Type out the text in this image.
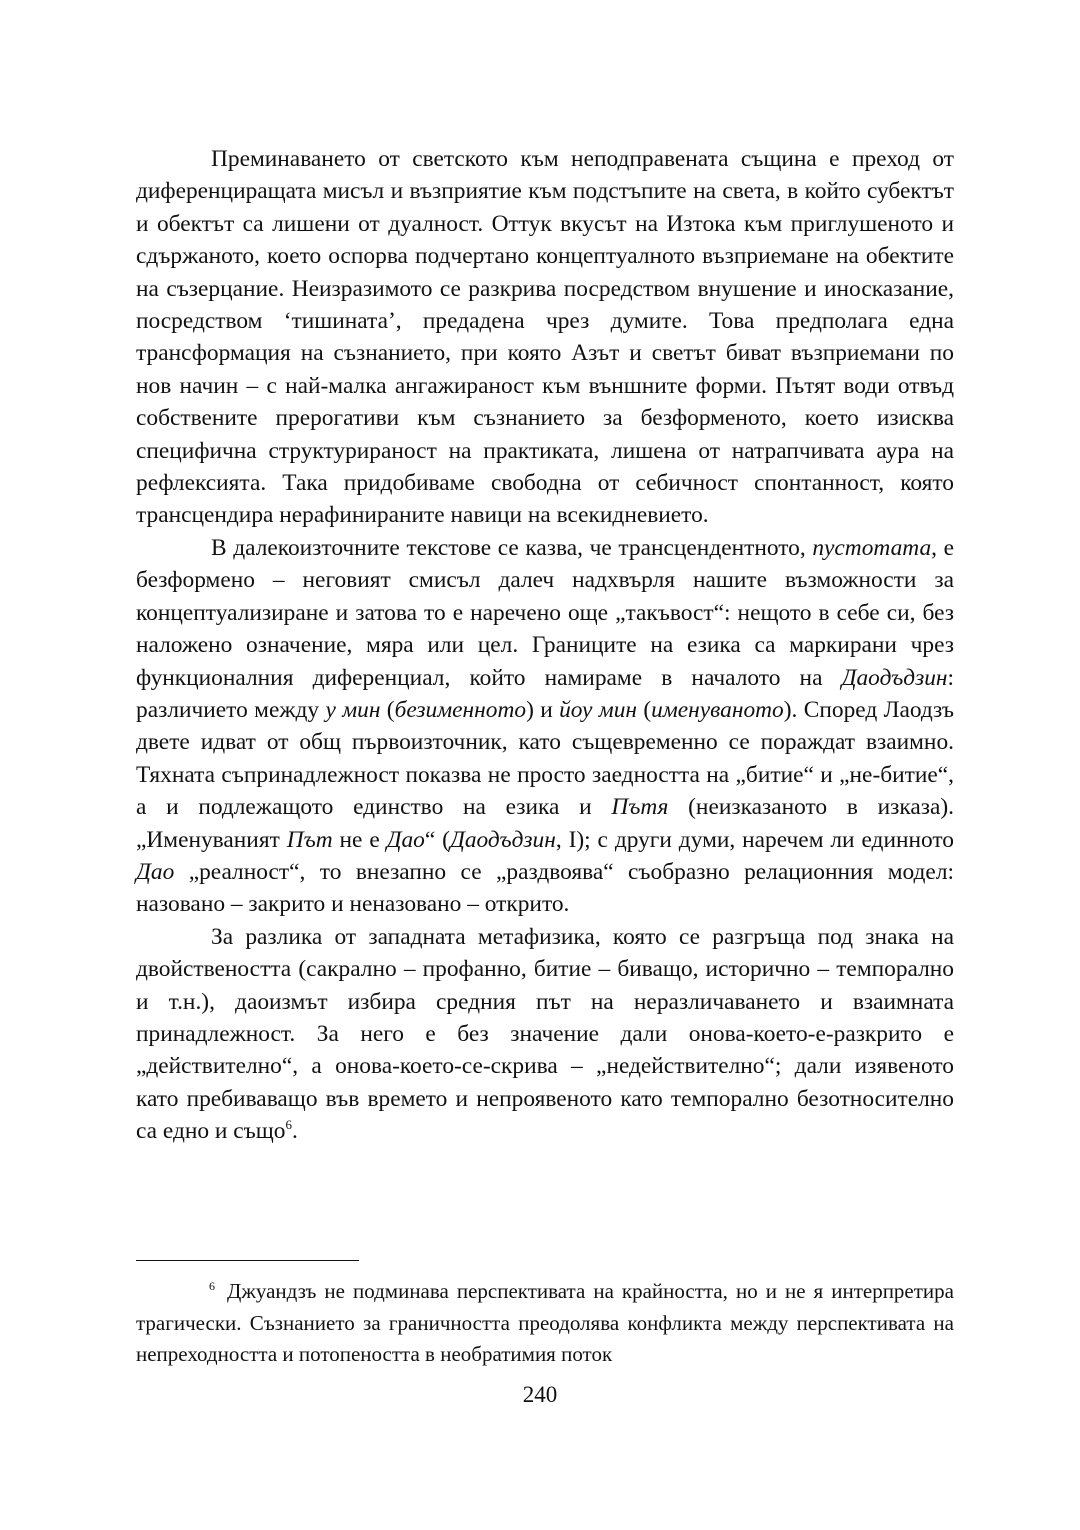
Преминаването от светското към неподправената същина е преход от диференциращата мисъл и възприятие към подстъпите на света, в който субектът и обектът са лишени от дуалност. Оттук вкусът на Изтока към приглушеното и сдържаното, което оспорва подчертано концептуалното възприемане на обектите на съзерцание. Неизразимото се разкрива посредством внушение и иносказание, посредством ‘тишината’, предадена чрез думите. Това предполага една трансформация на съзнанието, при която Азът и светът биват възприемани по нов начин – с най-малка ангажираност към външните форми. Пътят води отвъд собствените прерогативи към съзнанието за безформеното, което изисква специфична структурираност на практиката, лишена от натрапчивата аура на рефлексията. Така придобиваме свободна от себичност спонтанност, която трансцендира нерафинираните навици на всекидневието.

В далекоизточните текстове се казва, че трансцендентното, пустотата, е безформено – неговият смисъл далеч надхвърля нашите възможности за концептуализиране и затова то е наречено още „такъвост“: нещото в себе си, без наложено означение, мяра или цел. Границите на езика са маркирани чрез функционалния диференциал, който намираме в началото на Даодъдзин: различието между у мин (безименното) и йоу мин (именуваното). Според Лаодзъ двете идват от общ първоизточник, като същевременно се пораждат взаимно. Тяхната съпринадлежност показва не просто заедността на „битие“ и „не-битие“, а и подлежащото единство на езика и Пътя (неизказаното в изказа). „Именуваният Път не е Дао“ (Даодъдзин, I); с други думи, наречем ли единното Дао „реалност“, то внезапно се „раздвоява“ съобразно релационния модел: назовано – закрито и неназовано – открито.

За разлика от западната метафизика, която се разгръща под знака на двойствеността (сакрално – профанно, битие – биващо, исторично – темпорално и т.н.), даоизмът избира средния път на неразличаването и взаимната принадлежност. За него е без значение дали онова-което-е-разкрито е „действително“, а онова-което-се-скрива – „недействително“; дали изявеното като пребиваващо във времето и непроявеното като темпорално безотносително са едно и също$^6$.

$^6$ Джуандзъ не подминава перспективата на крайността, но и не я интерпретира трагически. Съзнанието за граничността преодолява конфликта между перспективата на непреходността и потопеността в необратимия поток

240
